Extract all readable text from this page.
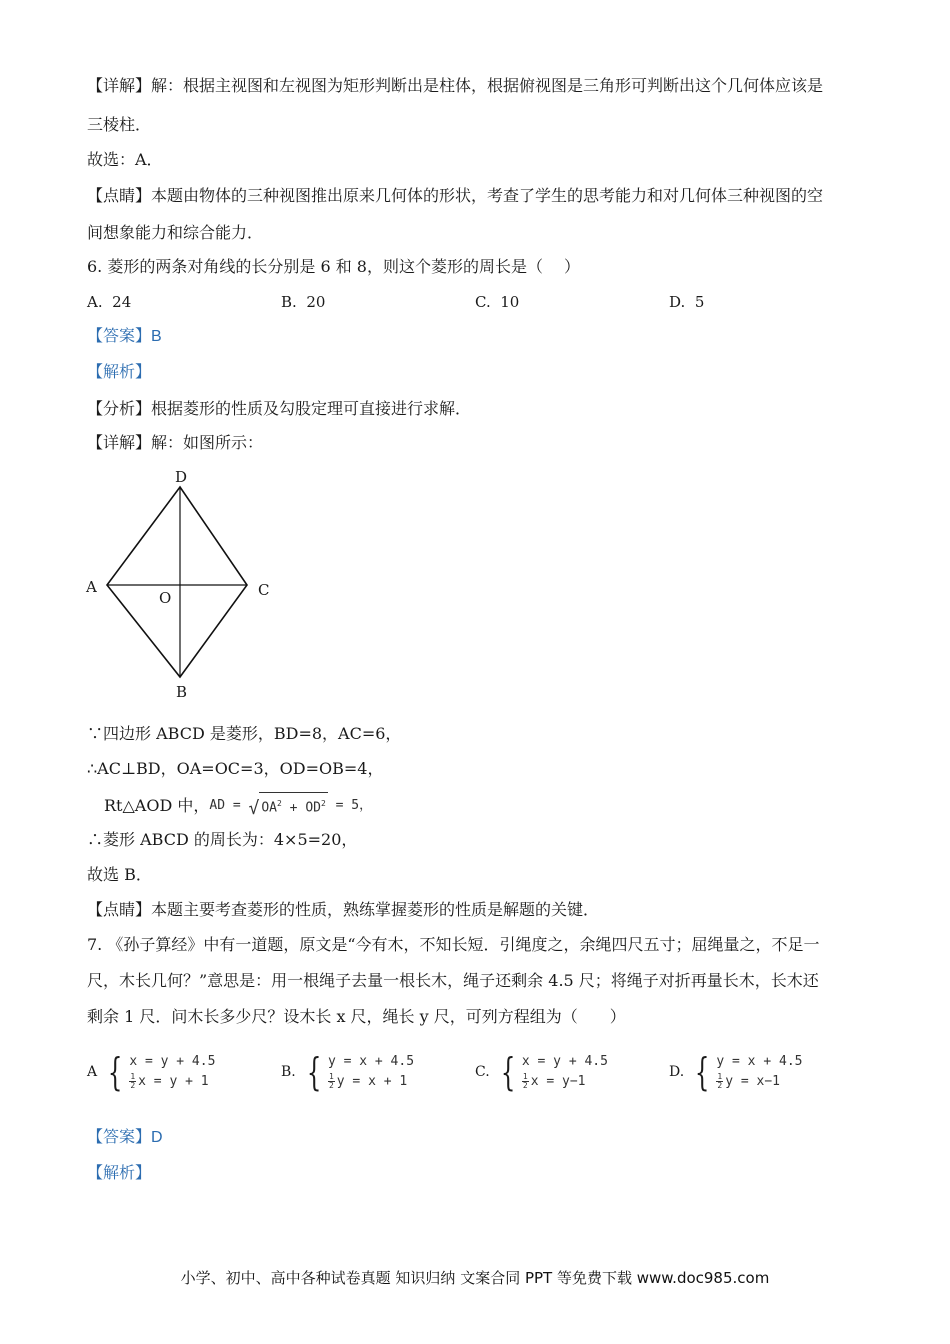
【详解】解：根据主视图和左视图为矩形判断出是柱体，根据俯视图是三角形可判断出这个几何体应该是
三棱柱．
故选：A．
【点睛】本题由物体的三种视图推出原来几何体的形状，考查了学生的思考能力和对几何体三种视图的空
间想象能力和综合能力．
6. 菱形的两条对角线的长分别是 6 和 8，则这个菱形的周长是（　 ）
A. 24	B. 20	C. 10	D. 5
【答案】B
【解析】
【分析】根据菱形的性质及勾股定理可直接进行求解．
【详解】解：如图所示：
D
A	C
O
B
∵四边形 ABCD 是菱形，BD=8，AC=6，
∴AC⊥BD，OA=OC=3，OD=OB=4，
Rt△AOD 中， AD = √ $OA^2 + OD^2 = 5$，
∴菱形 ABCD 的周长为：4×5=20，
故选 B．
【点睛】本题主要考查菱形的性质，熟练掌握菱形的性质是解题的关键．
7. 《孙子算经》中有一道题，原文是“今有木，不知长短．引绳度之，余绳四尺五寸；屈绳量之，不足一
尺，木长几何？”意思是：用一根绳子去量一根长木，绳子还剩余 4.5 尺；将绳子对折再量长木，长木还
剩余 1 尺．问木长多少尺？设木长 x 尺，绳长 y 尺，可列方程组为（　　）
A { x = y + 4.5
$\frac{1}{2}$ x = y + 1
B. { y = x + 4.5
$\frac{1}{2}$ y = x + 1
C. { x = y + 4.5
$\frac{1}{2}$ x = y−1
D. { y = x + 4.5
$\frac{1}{2}$ y = x−1
【答案】D
【解析】
小学、初中、高中各种试卷真题 知识归纳 文案合同 PPT 等免费下载 www.doc985.com
